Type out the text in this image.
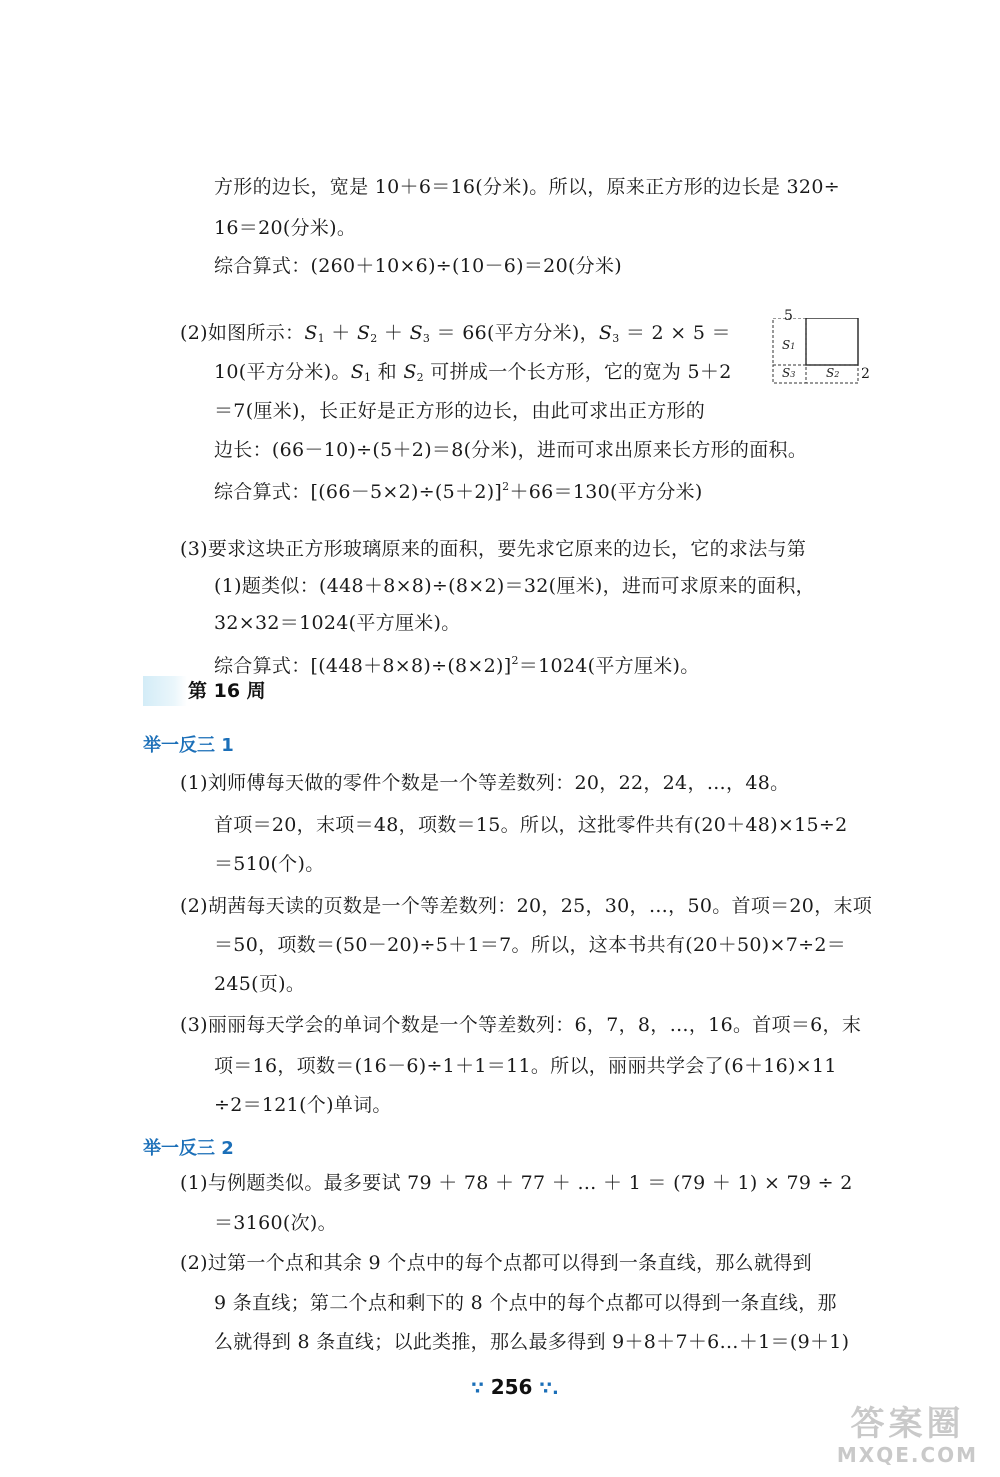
方形的边长，宽是 10＋6＝16(分米)。所以，原来正方形的边长是 320÷
16＝20(分米)。
综合算式：(260＋10×6)÷(10－6)＝20(分米)
(2)如图所示：$S_1 + S_2 + S_3 = 66$(平方分米)，$S_3 = 2 \times 5$ ＝
10(平方分米)。$S_1$ 和 $S_2$ 可拼成一个长方形，它的宽为 5＋2
＝7(厘米)，长正好是正方形的边长，由此可求出正方形的
边长：(66－10)÷(5＋2)＝8(分米)，进而可求出原来长方形的面积。
综合算式：$[(66-5\times 2)\div(5+2)]^2+66=130$(平方分米)
5
2
S1
S3	S2
(3)要求这块正方形玻璃原来的面积，要先求它原来的边长，它的求法与第
(1)题类似：(448＋8×8)÷(8×2)＝32(厘米)，进而可求原来的面积，
32×32＝1024(平方厘米)。
综合算式：$[(448+8\times 8)\div(8\times 2)]^2=1024$(平方厘米)。
第 16 周
举一反三 1
(1)刘师傅每天做的零件个数是一个等差数列：20，22，24，…，48。
首项＝20，末项＝48，项数＝15。所以，这批零件共有(20＋48)×15÷2
＝510(个)。
(2)胡茜每天读的页数是一个等差数列：20，25，30，…，50。首项＝20，末项
＝50，项数＝(50－20)÷5＋1＝7。所以，这本书共有(20＋50)×7÷2＝
245(页)。
(3)丽丽每天学会的单词个数是一个等差数列：6，7，8，…，16。首项＝6，末
项＝16，项数＝(16－6)÷1＋1＝11。所以，丽丽共学会了(6＋16)×11
÷2＝121(个)单词。
举一反三 2
(1)与例题类似。最多要试 79 ＋ 78 ＋ 77 ＋ … ＋ 1 ＝ (79 ＋ 1) × 79 ÷ 2
＝3160(次)。
(2)过第一个点和其余 9 个点中的每个点都可以得到一条直线，那么就得到
9 条直线；第二个点和剩下的 8 个点中的每个点都可以得到一条直线，那
么就得到 8 条直线；以此类推，那么最多得到 9＋8＋7＋6…＋1＝(9＋1)
∵ 256 ∵.
答案圈
MXQE.COM
